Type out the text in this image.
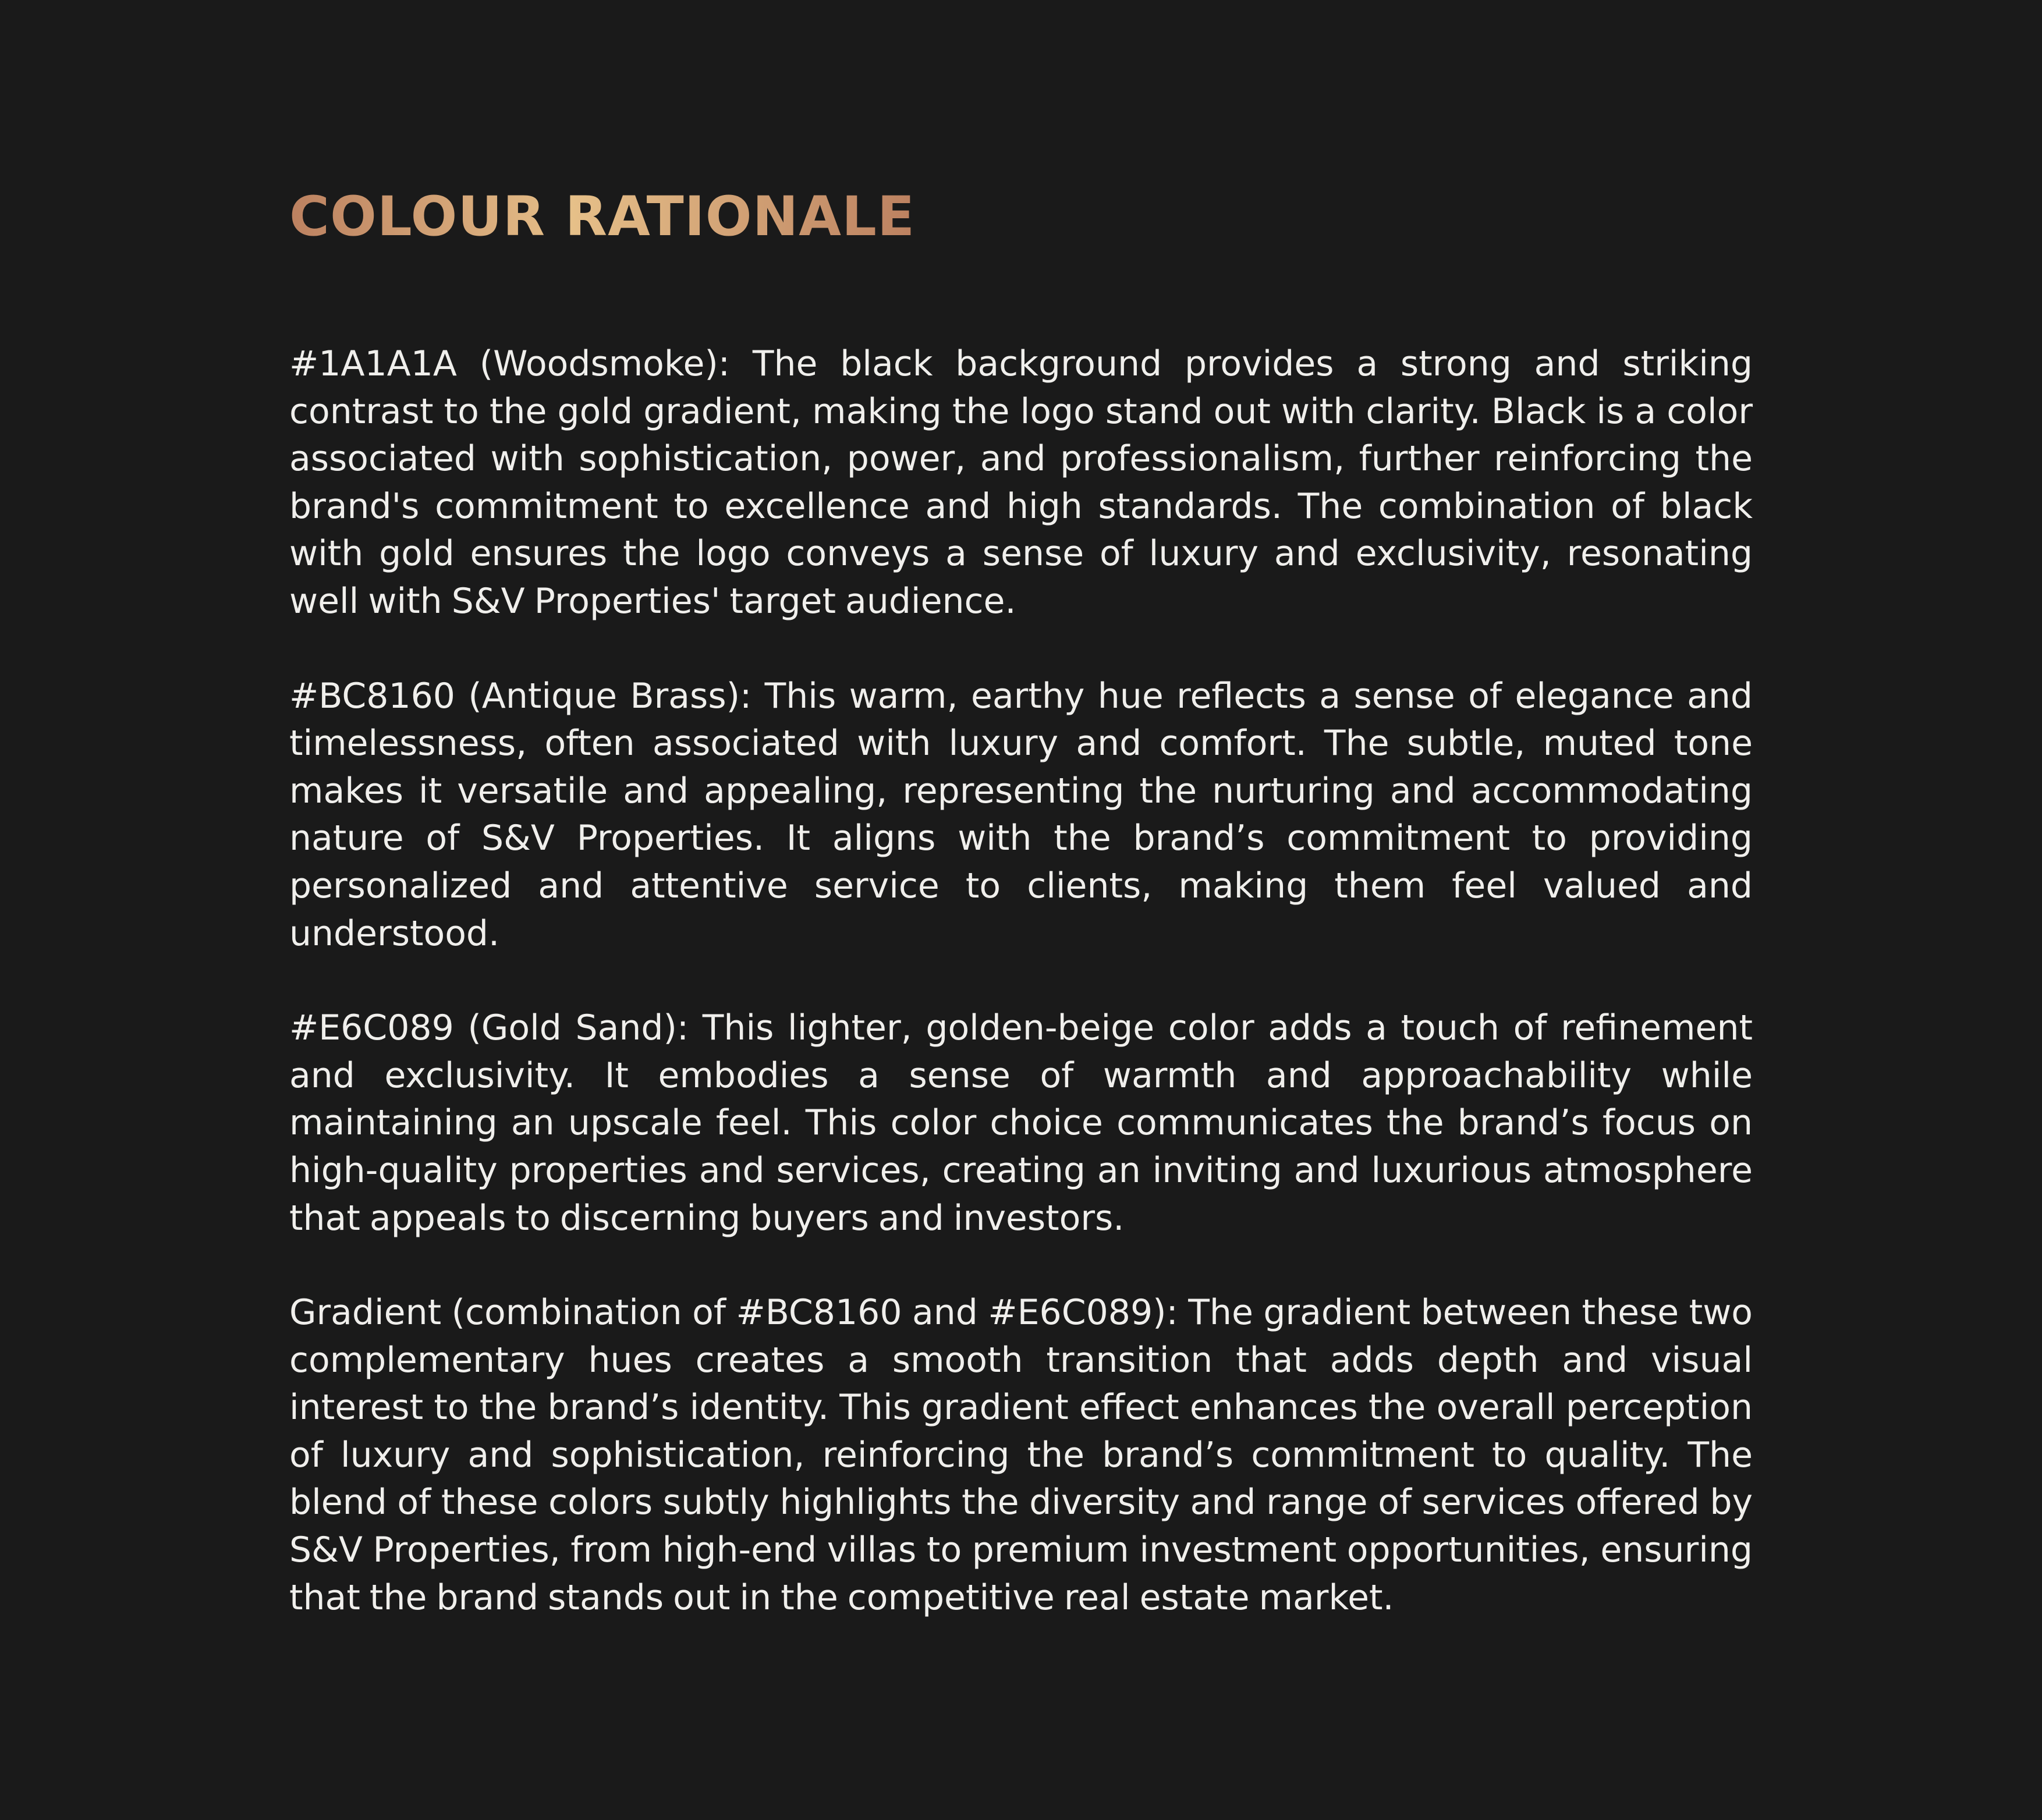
COLOUR RATIONALE

#1A1A1A (Woodsmoke): The black background provides a strong and striking contrast to the gold gradient, making the logo stand out with clarity. Black is a color associated with sophistication, power, and professionalism, further reinforcing the brand's commitment to excellence and high standards. The combination of black with gold ensures the logo conveys a sense of luxury and exclusivity, resonating well with S&V Properties' target audience.

#BC8160 (Antique Brass): This warm, earthy hue reflects a sense of elegance and timelessness, often associated with luxury and comfort. The subtle, muted tone makes it versatile and appealing, representing the nurturing and accommodating nature of S&V Properties. It aligns with the brand’s commitment to providing personalized and attentive service to clients, making them feel valued and understood.

#E6C089 (Gold Sand): This lighter, golden-beige color adds a touch of refinement and exclusivity. It embodies a sense of warmth and approachability while maintaining an upscale feel. This color choice communicates the brand’s focus on high-quality properties and services, creating an inviting and luxurious atmosphere that appeals to discerning buyers and investors.

Gradient (combination of #BC8160 and #E6C089): The gradient between these two complementary hues creates a smooth transition that adds depth and visual interest to the brand’s identity. This gradient effect enhances the overall perception of luxury and sophistication, reinforcing the brand’s commitment to quality. The blend of these colors subtly highlights the diversity and range of services offered by S&V Properties, from high-end villas to premium investment opportunities, ensuring that the brand stands out in the competitive real estate market.
